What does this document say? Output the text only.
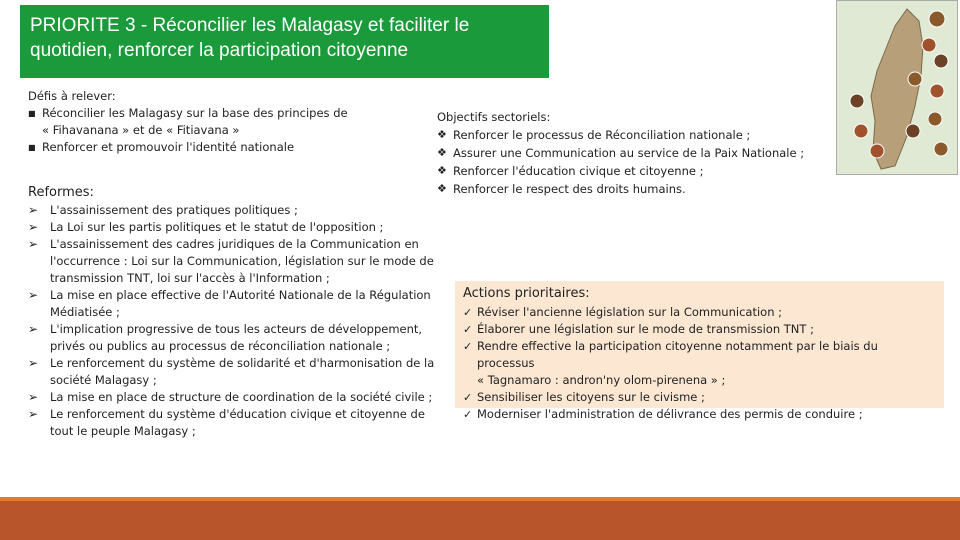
PRIORITE 3 - Réconcilier les Malagasy et faciliter le
quotidien, renforcer la participation citoyenne
Défis à relever:
■ Réconcilier les Malagasy sur la base des principes de
« Fihavanana » et de « Fitiavana »
■ Renforcer et promouvoir l'identité nationale
Reformes:
➢	L'assainissement des pratiques politiques ;
➢	La Loi sur les partis politiques et le statut de l'opposition ;
➢	L'assainissement des cadres juridiques de la Communication en
l'occurrence : Loi sur la Communication, législation sur le mode de
transmission TNT, loi sur l'accès à l'Information ;
➢	La mise en place effective de l'Autorité Nationale de la Régulation
Médiatisée ;
➢	L'implication progressive de tous les acteurs de développement,
privés ou publics au processus de réconciliation nationale ;
➢	Le renforcement du système de solidarité et d'harmonisation de la
société Malagasy ;
➢	La mise en place de structure de coordination de la société civile ;
➢	Le renforcement du système d'éducation civique et citoyenne de
tout le peuple Malagasy ;
Objectifs sectoriels:
❖ Renforcer le processus de Réconciliation nationale ;
❖ Assurer une Communication au service de la Paix Nationale ;
❖ Renforcer l'éducation civique et citoyenne ;
❖ Renforcer le respect des droits humains.
Actions prioritaires:
✓ Réviser l'ancienne législation sur la Communication ;
✓ Élaborer une législation sur le mode de transmission TNT ;
✓ Rendre effective la participation citoyenne notamment par le biais du processus
« Tagnamaro : andron'ny olom-pirenena » ;
✓ Sensibiliser les citoyens sur le civisme ;
✓ Moderniser l'administration de délivrance des permis de conduire ;
